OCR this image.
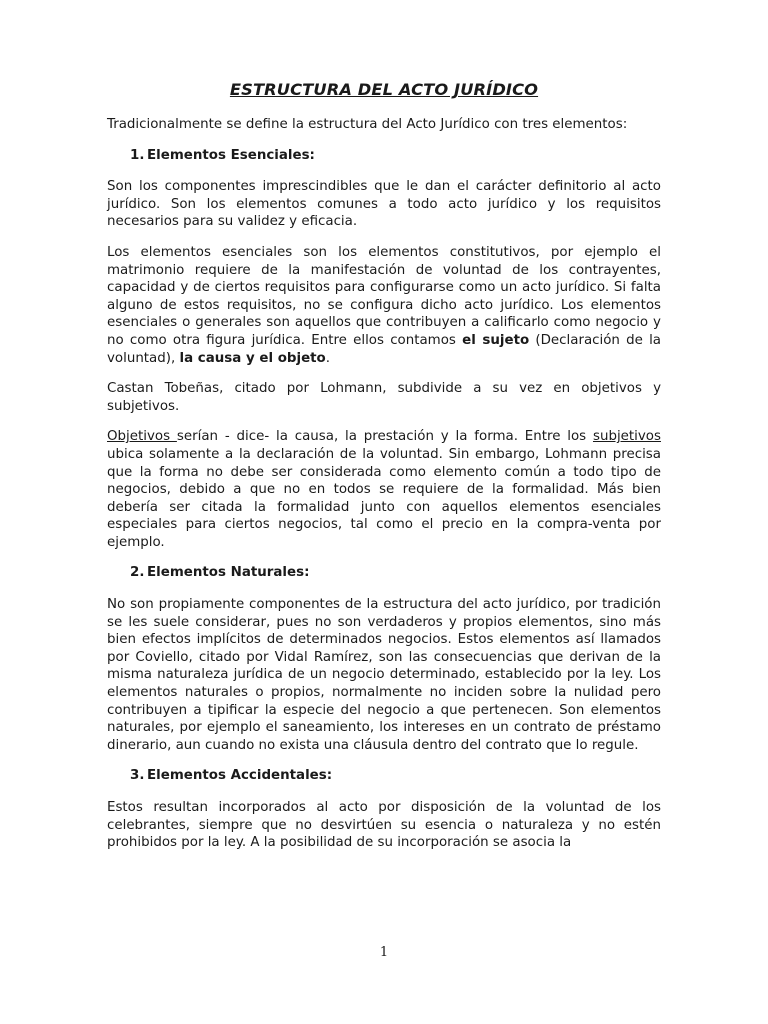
ESTRUCTURA DEL ACTO JURÍDICO

Tradicionalmente se define la estructura del Acto Jurídico con tres elementos:

1. Elementos Esenciales:

Son los componentes imprescindibles que le dan el carácter definitorio al acto jurídico. Son los elementos comunes a todo acto jurídico y los requisitos necesarios para su validez y eficacia.

Los elementos esenciales son los elementos constitutivos, por ejemplo el matrimonio requiere de la manifestación de voluntad de los contrayentes, capacidad y de ciertos requisitos para configurarse como un acto jurídico. Si falta alguno de estos requisitos, no se configura dicho acto jurídico. Los elementos esenciales o generales son aquellos que contribuyen a calificarlo como negocio y no como otra figura jurídica. Entre ellos contamos el sujeto (Declaración de la voluntad), la causa y el objeto.

Castan Tobeñas, citado por Lohmann, subdivide a su vez en objetivos y subjetivos.

Objetivos serían - dice- la causa, la prestación y la forma. Entre los subjetivos ubica solamente a la declaración de la voluntad. Sin embargo, Lohmann precisa que la forma no debe ser considerada como elemento común a todo tipo de negocios, debido a que no en todos se requiere de la formalidad. Más bien debería ser citada la formalidad junto con aquellos elementos esenciales especiales para ciertos negocios, tal como el precio en la compra-venta por ejemplo.

2. Elementos Naturales:

No son propiamente componentes de la estructura del acto jurídico, por tradición se les suele considerar, pues no son verdaderos y propios elementos, sino más bien efectos implícitos de determinados negocios. Estos elementos así llamados por Coviello, citado por Vidal Ramírez, son las consecuencias que derivan de la misma naturaleza jurídica de un negocio determinado, establecido por la ley. Los elementos naturales o propios, normalmente no inciden sobre la nulidad pero contribuyen a tipificar la especie del negocio a que pertenecen. Son elementos naturales, por ejemplo el saneamiento, los intereses en un contrato de préstamo dinerario, aun cuando no exista una cláusula dentro del contrato que lo regule.

3. Elementos Accidentales:

Estos resultan incorporados al acto por disposición de la voluntad de los celebrantes, siempre que no desvirtúen su esencia o naturaleza y no estén prohibidos por la ley. A la posibilidad de su incorporación se asocia la

1
